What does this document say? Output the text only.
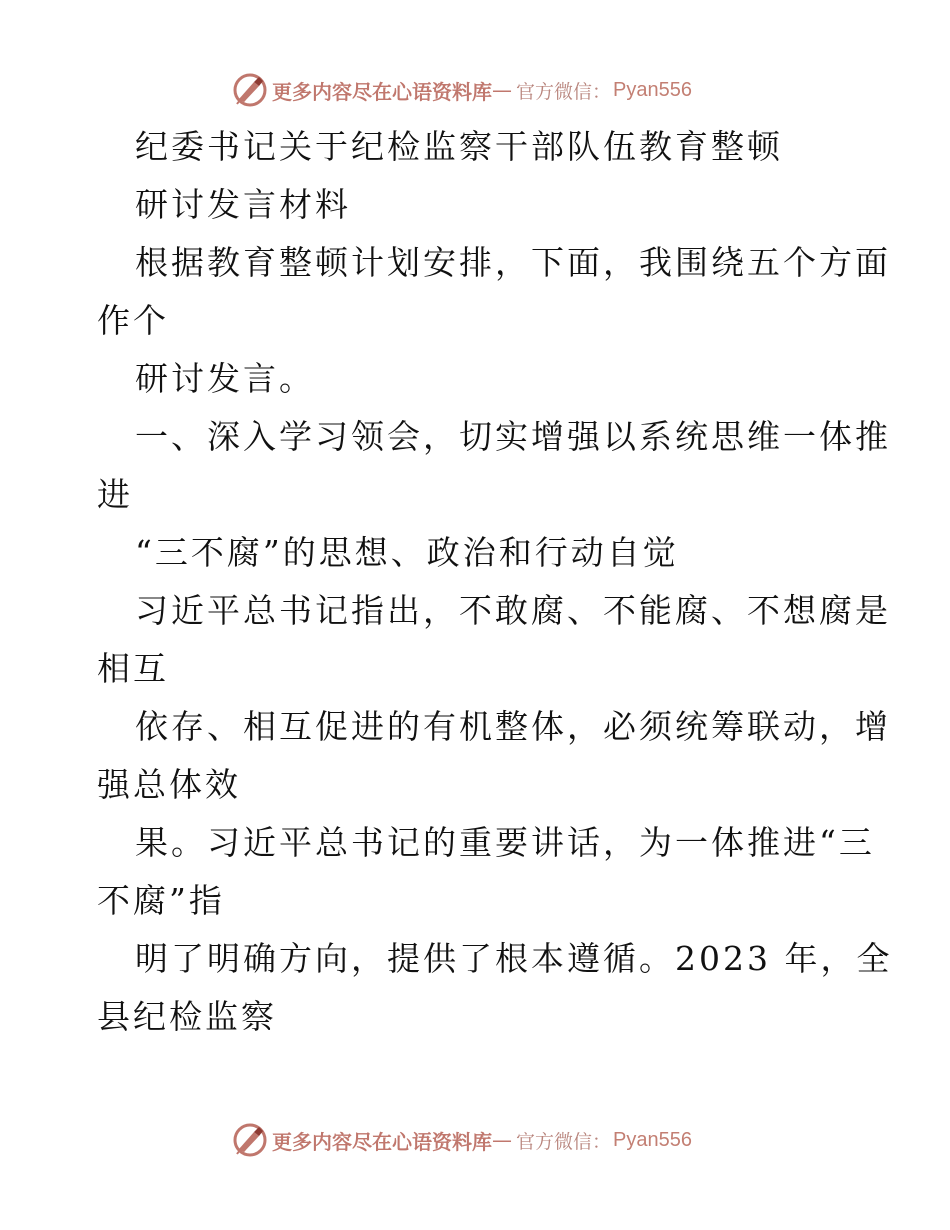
更多内容尽在心语资料库 — 官方微信： Pyan556
纪委书记关于纪检监察干部队伍教育整顿
研讨发言材料
根据教育整顿计划安排，下面，我围绕五个方面
作个
研讨发言。
一、深入学习领会，切实增强以系统思维一体推
进
“三不腐”的思想、政治和行动自觉
习近平总书记指出，不敢腐、不能腐、不想腐是
相互
依存、相互促进的有机整体，必须统筹联动，增
强总体效
果。习近平总书记的重要讲话，为一体推进“三
不腐”指
明了明确方向，提供了根本遵循。2023 年，全
县纪检监察
更多内容尽在心语资料库 — 官方微信： Pyan556
